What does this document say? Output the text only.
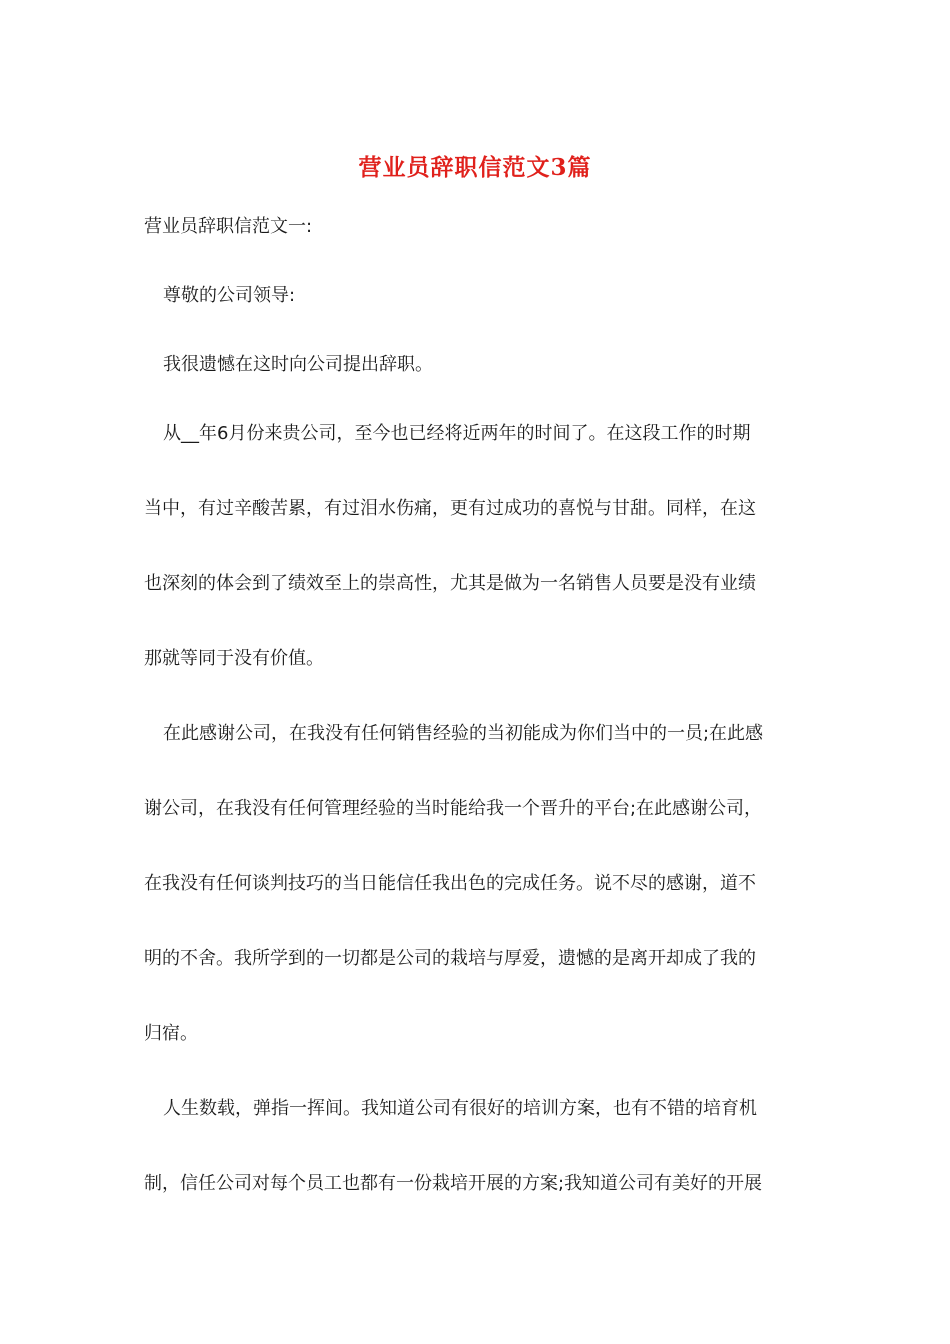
营业员辞职信范文3篇
营业员辞职信范文一:
尊敬的公司领导:
我很遗憾在这时向公司提出辞职。
从__年6月份来贵公司，至今也已经将近两年的时间了。在这段工作的时期
当中，有过辛酸苦累，有过泪水伤痛，更有过成功的喜悦与甘甜。同样，在这
也深刻的体会到了绩效至上的崇高性，尤其是做为一名销售人员要是没有业绩
那就等同于没有价值。
在此感谢公司，在我没有任何销售经验的当初能成为你们当中的一员;在此感
谢公司，在我没有任何管理经验的当时能给我一个晋升的平台;在此感谢公司，
在我没有任何谈判技巧的当日能信任我出色的完成任务。说不尽的感谢，道不
明的不舍。我所学到的一切都是公司的栽培与厚爱，遗憾的是离开却成了我的
归宿。
人生数载，弹指一挥间。我知道公司有很好的培训方案，也有不错的培育机
制，信任公司对每个员工也都有一份栽培开展的方案;我知道公司有美好的开展
